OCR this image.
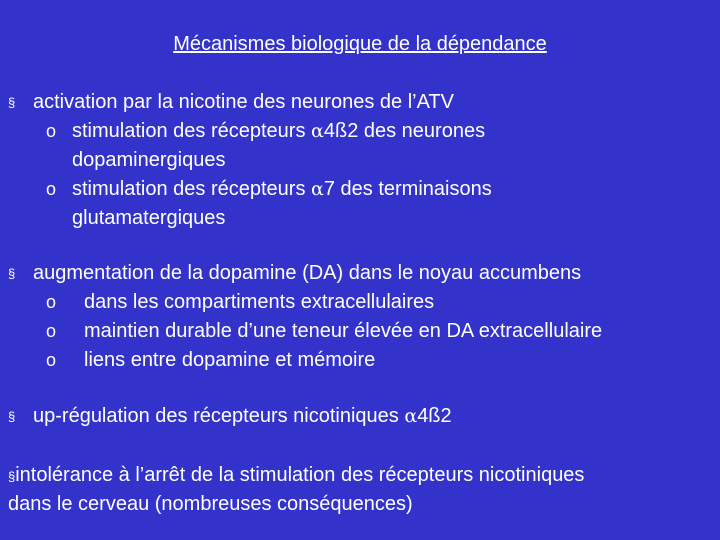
Mécanismes biologique de la dépendance
§ activation par la nicotine des neurones de l’ATV
o stimulation des récepteurs α4ß2 des neurones
dopaminergiques
o stimulation des récepteurs α7 des terminaisons
glutamatergiques
§ augmentation de la dopamine (DA) dans le noyau accumbens
o dans les compartiments extracellulaires
o maintien durable d’une teneur élevée en DA extracellulaire
o liens entre dopamine et mémoire
§ up-régulation des récepteurs nicotiniques α4ß2
§intolérance à l’arrêt de la stimulation des récepteurs nicotiniques
dans le cerveau (nombreuses conséquences)
